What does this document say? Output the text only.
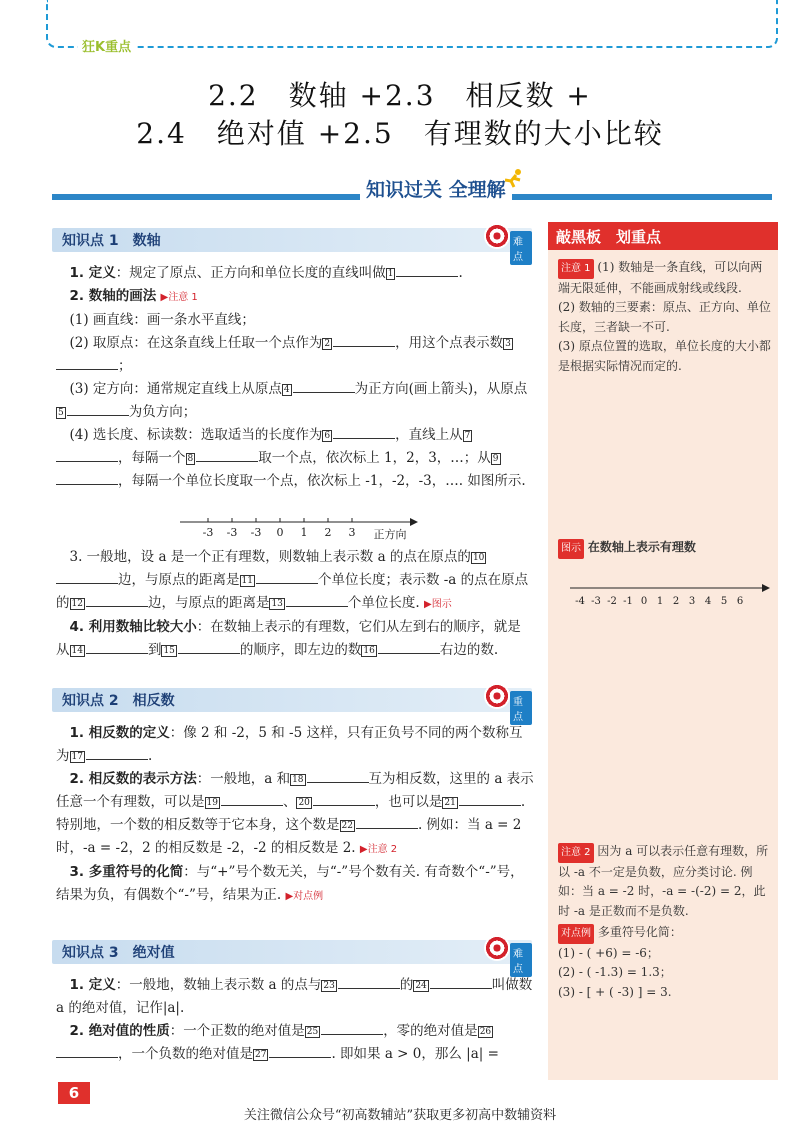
狂K重点
2.2　数轴 +2.3　相反数 +
2.4　绝对值 +2.5　有理数的大小比较
知识过关 全理解
知识点 1　数轴	难点
　1. 定义：规定了原点、正方向和单位长度的直线叫做 1	.
　2. 数轴的画法 ▶注意 1
　(1) 画直线：画一条水平直线；
　(2) 取原点：在这条直线上任取一个点作为 2	，用这个点表示数 3；
　(3) 定方向：通常规定直线上从原点 4	为正方向(画上箭头)，从原点5	为负方向；
　(4) 选长度、标读数：选取适当的长度作为 6	，直线上从 7，每隔一个 8	取一个点，依次标上 1，2，3，…；从 9，每隔一个单位长度取一个点，依次标上 -1，-2，-3，…. 如图所示.
-3 -3 -3 0 1 2 3 正方向
　3. 一般地，设 a 是一个正有理数，则数轴上表示数 a 的点在原点的 10边，与原点的距离是 11	个单位长度；表示数 -a 的点在原点的 12	边，与原点的距离是 13	个单位长度. ▶图示
　4. 利用数轴比较大小：在数轴上表示的有理数，它们从左到右的顺序，就是从 14	到 15	的顺序，即左边的数 16	右边的数.
知识点 2　相反数	重点
　1. 相反数的定义：像 2 和 -2，5 和 -5 这样，只有正负号不同的两个数称互为 17	.
　2. 相反数的表示方法：一般地，a 和 18	互为相反数，这里的 a 表示任意一个有理数，可以是 19	、 20	，也可以是 21	. 特别地，一个数的相反数等于它本身，这个数是 22	. 例如：当 a = 2 时，-a = -2，2 的相反数是 -2，-2 的相反数是 2. ▶注意 2
　3. 多重符号的化简：与“+”号个数无关，与“-”号个数有关. 有奇数个“-”号，结果为负，有偶数个“-”号，结果为正. ▶对点例
知识点 3　绝对值	难点
　1. 定义：一般地，数轴上表示数 a 的点与 23	的 24	叫做数 a 的绝对值，记作|a|.
　2. 绝对值的性质：一个正数的绝对值是 25	，零的绝对值是 26，一个负数的绝对值是 27	. 即如果 a > 0，那么 |a| =
敲黑板　划重点
注意 1 (1) 数轴是一条直线，可以向两端无限延伸，不能画成射线或线段.
(2) 数轴的三要素：原点、正方向、单位长度，三者缺一不可.
(3) 原点位置的选取，单位长度的大小都是根据实际情况而定的.
图示 在数轴上表示有理数
-4 -3 -2 -1 0 1 2 3 4 5 6
注意 2 因为 a 可以表示任意有理数，所以 -a 不一定是负数，应分类讨论. 例如：当 a = -2 时，-a = -(-2) = 2，此时 -a 是正数而不是负数.
对点例 多重符号化简：
(1) - ( +6) = -6；
(2) - ( -1.3) = 1.3；
(3) - [ + ( -3) ] = 3.
6
关注微信公众号“初高数辅站”获取更多初高中数辅资料
